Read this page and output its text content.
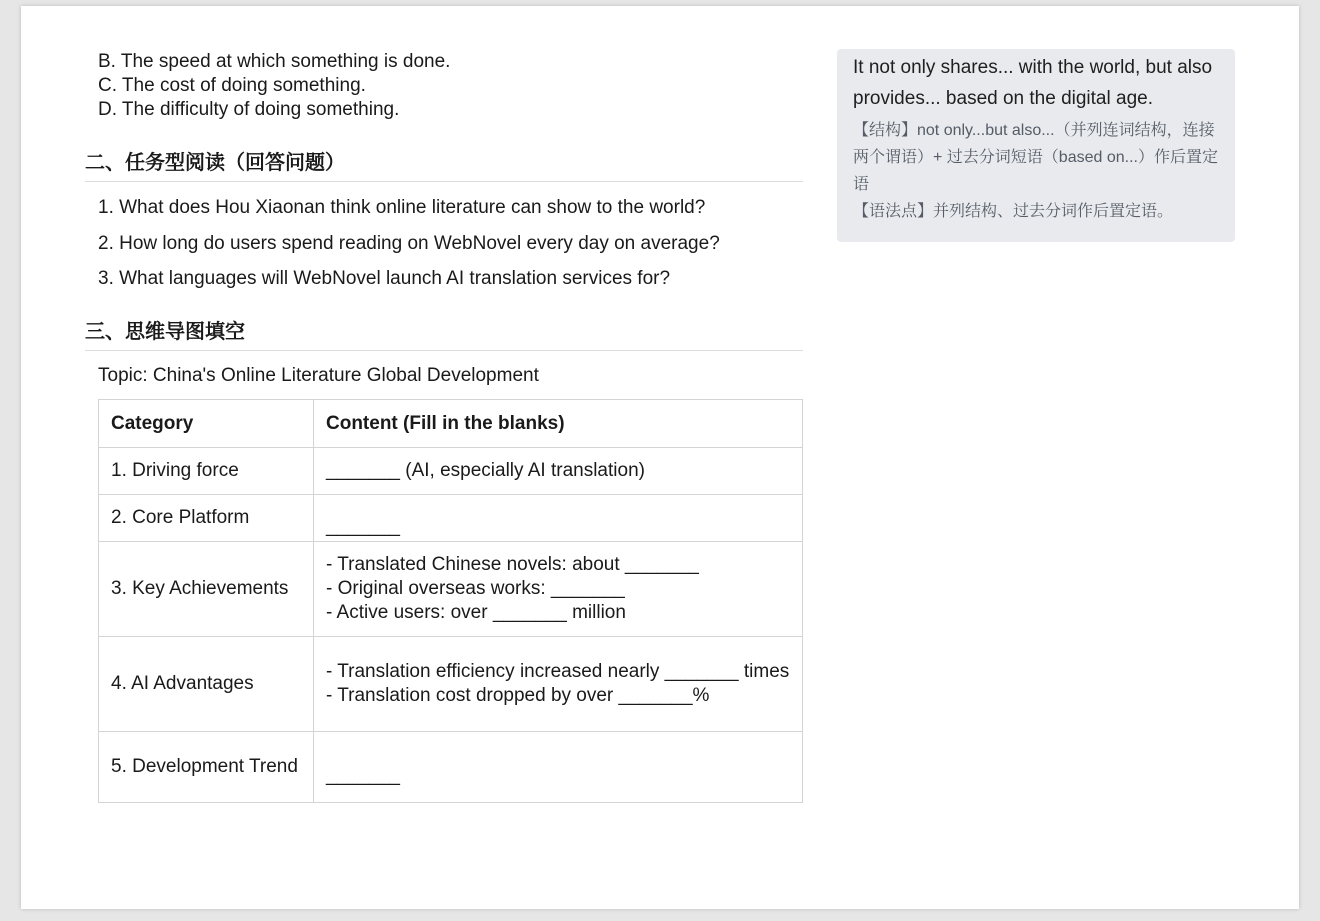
B. The speed at which something is done.
C. The cost of doing something.
D. The difficulty of doing something.
二、任务型阅读（回答问题）
1. What does Hou Xiaonan think online literature can show to the world?
2. How long do users spend reading on WebNovel every day on average?
3. What languages will WebNovel launch AI translation services for?
三、思维导图填空
Topic: China's Online Literature Global Development
Category	Content (Fill in the blanks)
1. Driving force	_______ (AI, especially AI translation)

2. Core Platform	_______

3. Key Achievements	- Translated Chinese novels: about _______
- Original overseas works: _______
- Active users: over _______ million

4. AI Advantages	- Translation efficiency increased nearly _______ times
- Translation cost dropped by over _______%

5. Development Trend	_______
It not only shares... with the world, but also provides... based on the digital age.
【结构】not only...but also...（并列连词结构，连接两个谓语）+ 过去分词短语（based on...）作后置定语
【语法点】并列结构、过去分词作后置定语。
